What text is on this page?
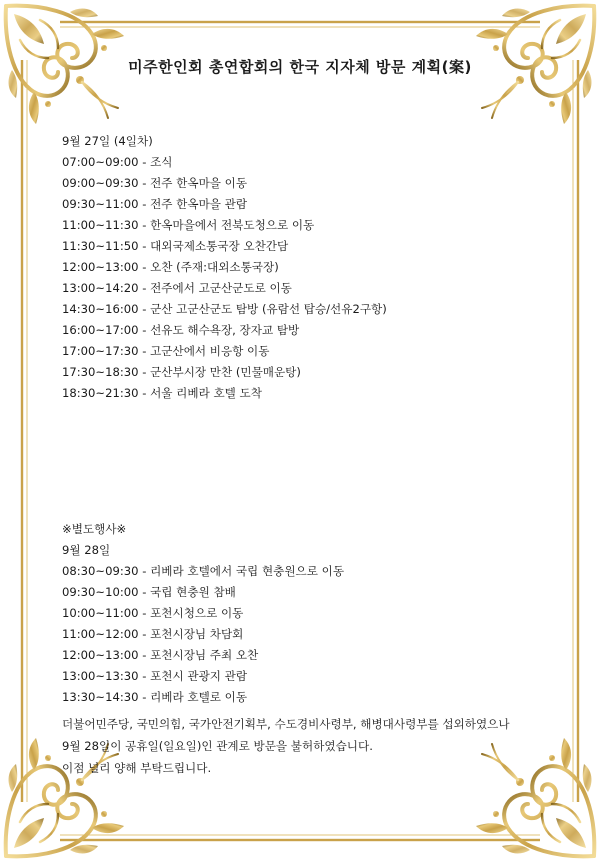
미주한인회 총연합회의 한국 지자체 방문 계획(案)
9월 27일 (4일차)
07:00~09:00 - 조식
09:00~09:30 - 전주 한옥마을 이동
09:30~11:00 - 전주 한옥마을 관람
11:00~11:30 - 한옥마을에서 전북도청으로 이동
11:30~11:50 - 대외국제소통국장 오찬간담
12:00~13:00 - 오찬 (주재:대외소통국장)
13:00~14:20 - 전주에서 고군산군도로 이동
14:30~16:00 - 군산 고군산군도 탐방 (유람선 탑승/선유2구항)
16:00~17:00 - 선유도 해수욕장, 장자교 탐방
17:00~17:30 - 고군산에서 비응항 이동
17:30~18:30 - 군산부시장 만찬 (민물매운탕)
18:30~21:30 - 서울 리베라 호텔 도착
※별도행사※
9월 28일
08:30~09:30 - 리베라 호텔에서 국립 현충원으로 이동
09:30~10:00 - 국립 현충원 참배
10:00~11:00 - 포천시청으로 이동
11:00~12:00 - 포천시장님 차담회
12:00~13:00 - 포천시장님 주최 오찬
13:00~13:30 - 포천시 관광지 관람
13:30~14:30 - 리베라 호텔로 이동
더불어민주당, 국민의힘, 국가안전기획부, 수도경비사령부, 해병대사령부를 섭외하였으나
9월 28일이 공휴일(일요일)인 관계로 방문을 불허하였습니다.
이점 널리 양해 부탁드립니다.
